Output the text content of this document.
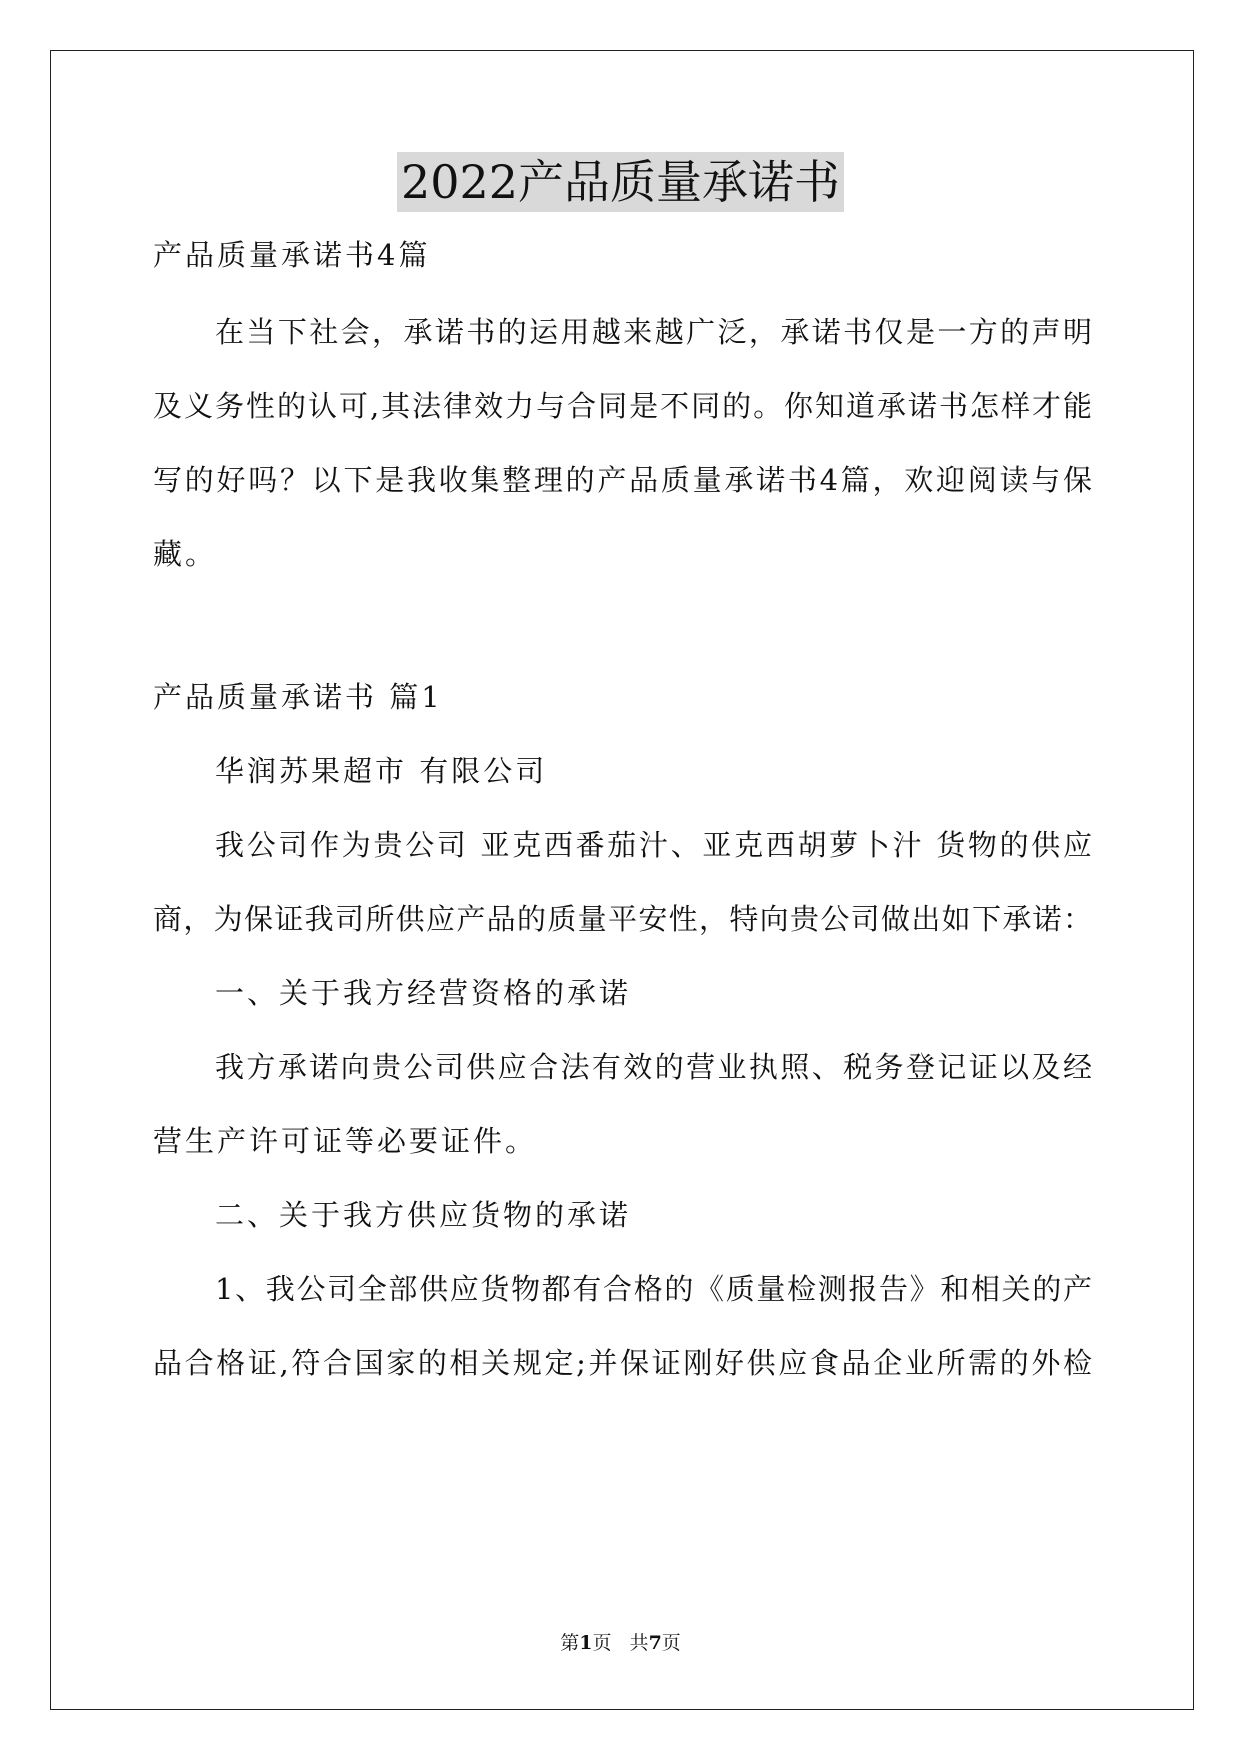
2022产品质量承诺书
产品质量承诺书4篇
在当下社会，承诺书的运用越来越广泛，承诺书仅是一方的声明
及义务性的认可,其法律效力与合同是不同的。你知道承诺书怎样才能
写的好吗？以下是我收集整理的产品质量承诺书4篇，欢迎阅读与保
藏。
产品质量承诺书 篇1
华润苏果超市 有限公司
我公司作为贵公司 亚克西番茄汁、亚克西胡萝卜汁 货物的供应
商，为保证我司所供应产品的质量平安性，特向贵公司做出如下承诺：
一、关于我方经营资格的承诺
我方承诺向贵公司供应合法有效的营业执照、税务登记证以及经
营生产许可证等必要证件。
二、关于我方供应货物的承诺
1、我公司全部供应货物都有合格的《质量检测报告》和相关的产
品合格证,符合国家的相关规定;并保证刚好供应食品企业所需的外检
第1页   共7页
